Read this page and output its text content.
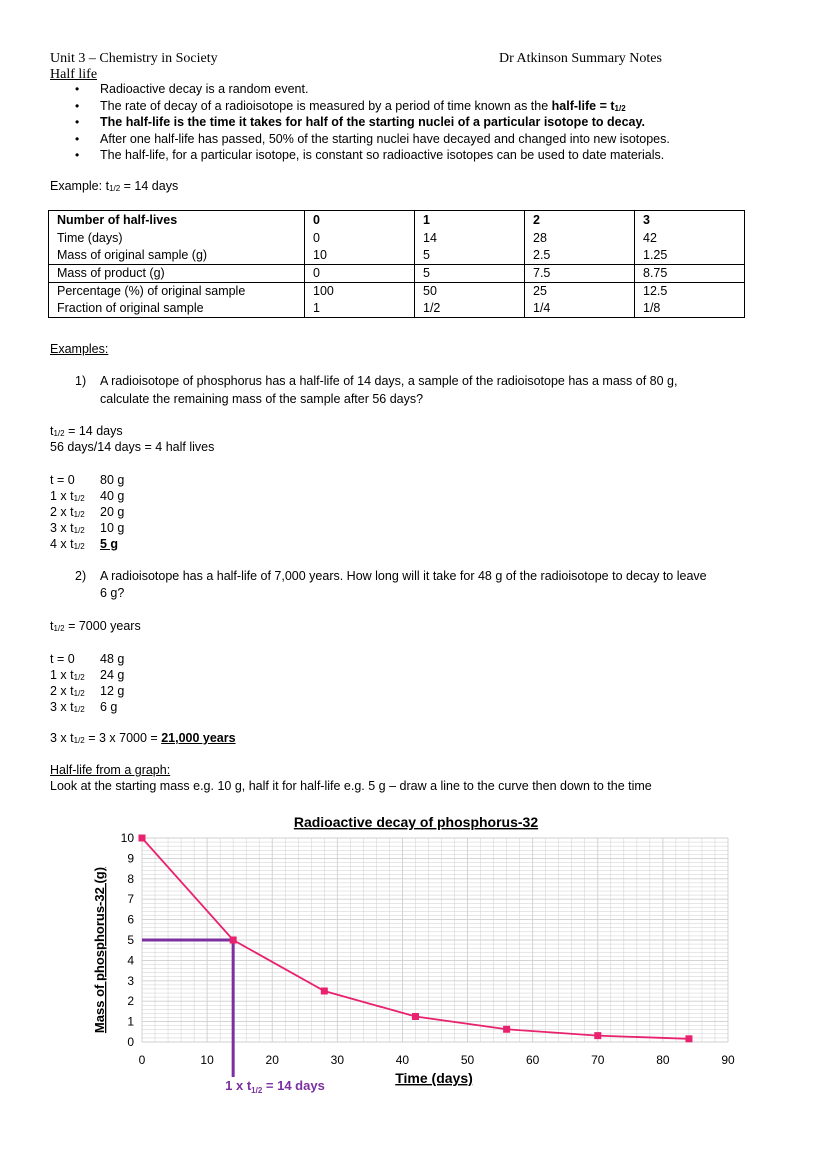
Unit 3 – Chemistry in Society
Half life
Dr Atkinson Summary Notes
• Radioactive decay is a random event.
• The rate of decay of a radioisotope is measured by a period of time known as the half-life = $t_{1/2}$
• The half-life is the time it takes for half of the starting nuclei of a particular isotope to decay.
• After one half-life has passed, 50% of the starting nuclei have decayed and changed into new isotopes.
• The half-life, for a particular isotope, is constant so radioactive isotopes can be used to date materials.
Example: $t_{1/2} = 14$ days
Number of half-lives	0	1	2	3
Time (days)	0	14	28	42
Mass of original sample (g)	10	5	2.5	1.25
Mass of product (g)	0	5	7.5	8.75
Percentage (%) of original sample	100	50	25	12.5
Fraction of original sample	1	1/2	1/4	1/8
Examples:
1) A radioisotope of phosphorus has a half-life of 14 days, a sample of the radioisotope has a mass of 80 g,
calculate the remaining mass of the sample after 56 days?
$t_{1/2} = 14$ days
56 days/14 days = 4 half lives
t = 0 80 g
1 x $t_{1/2}$ 40 g
2 x $t_{1/2}$ 20 g
3 x $t_{1/2}$ 10 g
4 x $t_{1/2}$ 5 g
2) A radioisotope has a half-life of 7,000 years. How long will it take for 48 g of the radioisotope to decay to leave
6 g?
$t_{1/2} = 7000$ years
t = 0 48 g
1 x $t_{1/2}$ 24 g
2 x $t_{1/2}$ 12 g
3 x $t_{1/2}$ 6 g
3 x $t_{1/2} = 3$ x 7000 = 21,000 years
Half-life from a graph:
Look at the starting mass e.g. 10 g, half it for half-life e.g. 5 g – draw a line to the curve then down to the time
0	10	20	30	40	50	60	70	80	90
0
1
2
3
4
5
6
7
8
9
10
Radioactive decay of phosphorus-32
Time (days)
Mass of phosphorus-32 (g)
1 x $t_{1/2} = 14$ days
